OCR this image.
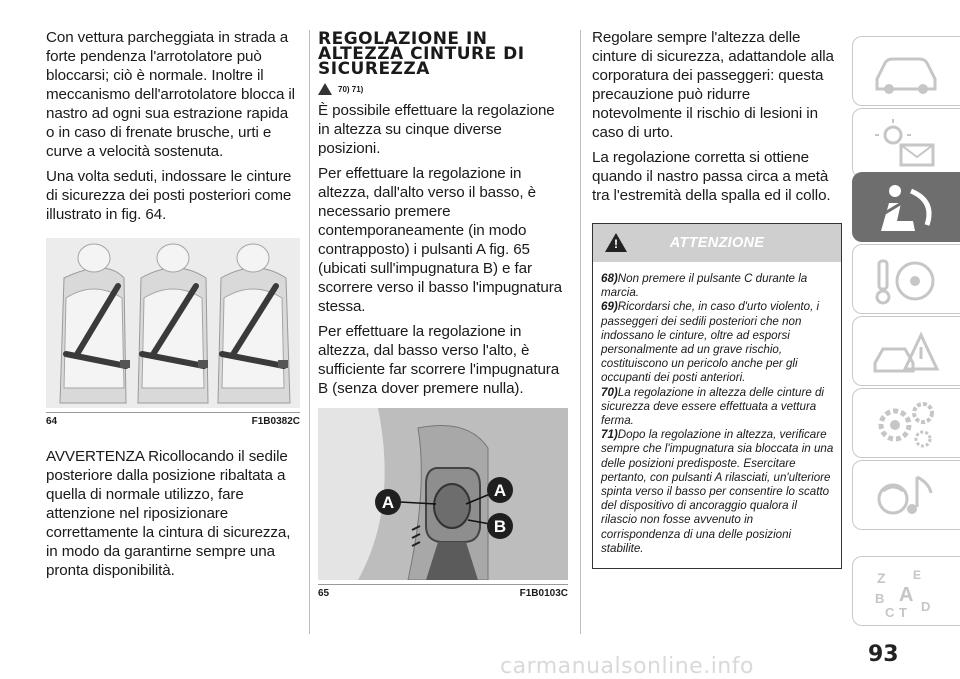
Con vettura parcheggiata in strada a forte pendenza l'arrotolatore può bloccarsi; ciò è normale. Inoltre il meccanismo dell'arrotolatore blocca il nastro ad ogni sua estrazione rapida o in caso di frenate brusche, urti e curve a velocità sostenuta.

Una volta seduti, indossare le cinture di sicurezza dei posti posteriori come illustrato in fig. 64.

64	F1B0382C

AVVERTENZA Ricollocando il sedile posteriore dalla posizione ribaltata a quella di normale utilizzo, fare attenzione nel riposizionare correttamente la cintura di sicurezza, in modo da garantirne sempre una pronta disponibilità.

REGOLAZIONE IN ALTEZZA CINTURE DI SICUREZZA
70) 71)

È possibile effettuare la regolazione in altezza su cinque diverse posizioni.

Per effettuare la regolazione in altezza, dall'alto verso il basso, è necessario premere contemporaneamente (in modo contrapposto) i pulsanti A fig. 65 (ubicati sull'impugnatura B) e far scorrere verso il basso l'impugnatura stessa.

Per effettuare la regolazione in altezza, dal basso verso l'alto, è sufficiente far scorrere l'impugnatura B (senza dover premere nulla).

A
A
B
65	F1B0103C

Regolare sempre l'altezza delle cinture di sicurezza, adattandole alla corporatura dei passeggeri: questa precauzione può ridurre notevolmente il rischio di lesioni in caso di urto.

La regolazione corretta si ottiene quando il nastro passa circa a metà tra l'estremità della spalla ed il collo.

!
ATTENZIONE

68)Non premere il pulsante C durante la marcia.

69)Ricordarsi che, in caso d'urto violento, i passeggeri dei sedili posteriori che non indossano le cinture, oltre ad esporsi personalmente ad un grave rischio, costituiscono un pericolo anche per gli occupanti dei posti anteriori.

70)La regolazione in altezza delle cinture di sicurezza deve essere effettuata a vettura ferma.

71)Dopo la regolazione in altezza, verificare sempre che l'impugnatura sia bloccata in una delle posizioni predisposte. Esercitare pertanto, con pulsanti A rilasciati, un'ulteriore spinta verso il basso per consentire lo scatto del dispositivo di ancoraggio qualora il rilascio non fosse avvenuto in corrispondenza di una delle posizioni stabilite.

Z E
B A
C T D
93
carmanualsonline.info
